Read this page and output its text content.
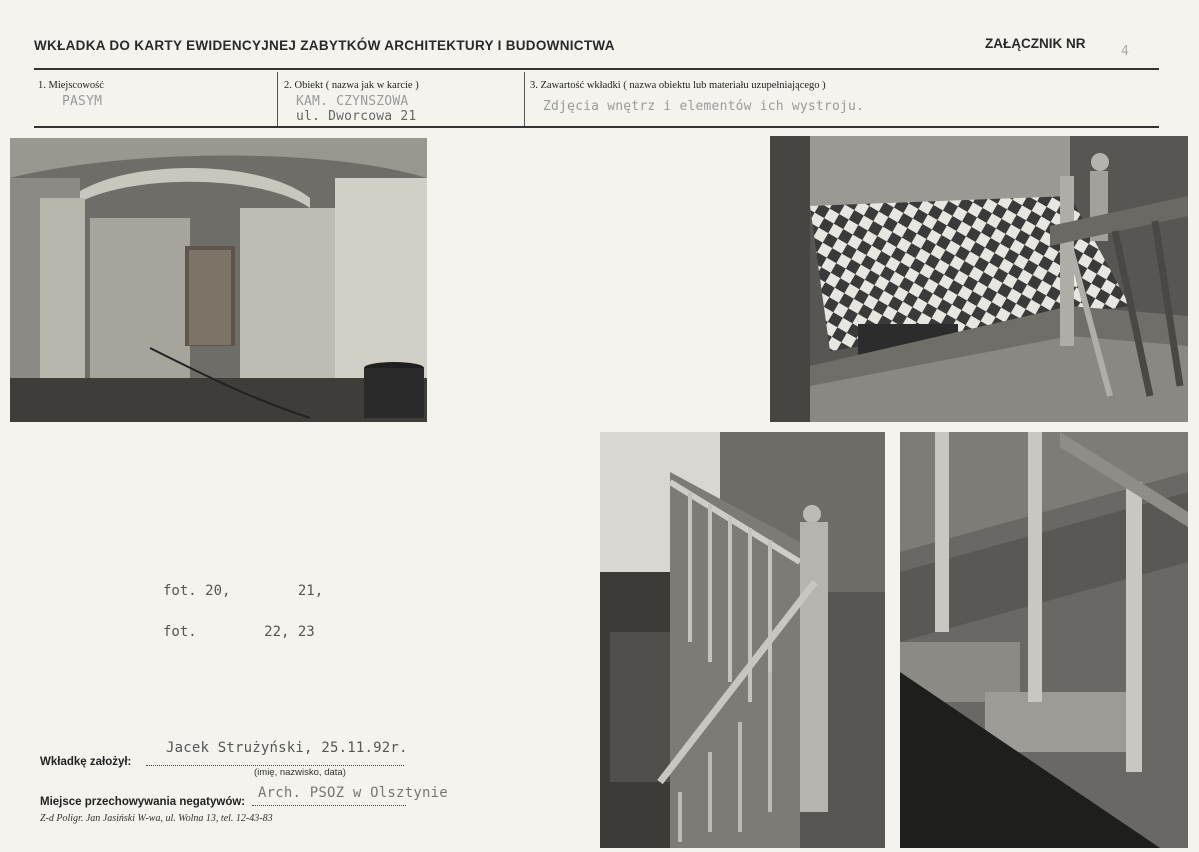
WKŁADKA DO KARTY EWIDENCYJNEJ ZABYTKÓW ARCHITEKTURY I BUDOWNICTWA	ZAŁĄCZNIK NR
4
1. Miejscowość
PASYM
2. Obiekt ( nazwa jak w karcie )
KAM. CZYNSZOWA
ul. Dworcowa 21
3. Zawartość wkładki ( nazwa obiektu lub materiału uzupełniającego )
Zdjęcia wnętrz i elementów ich wystroju.
fot. 20,        21,
fot.        22, 23
Jacek Strużyński, 25.11.92r.
Wkładkę założył:
(imię, nazwisko, data)
Arch. PSOZ w Olsztynie
Miejsce przechowywania negatywów:
Z-d Poligr. Jan Jasiński W-wa, ul. Wolna 13, tel. 12-43-83
